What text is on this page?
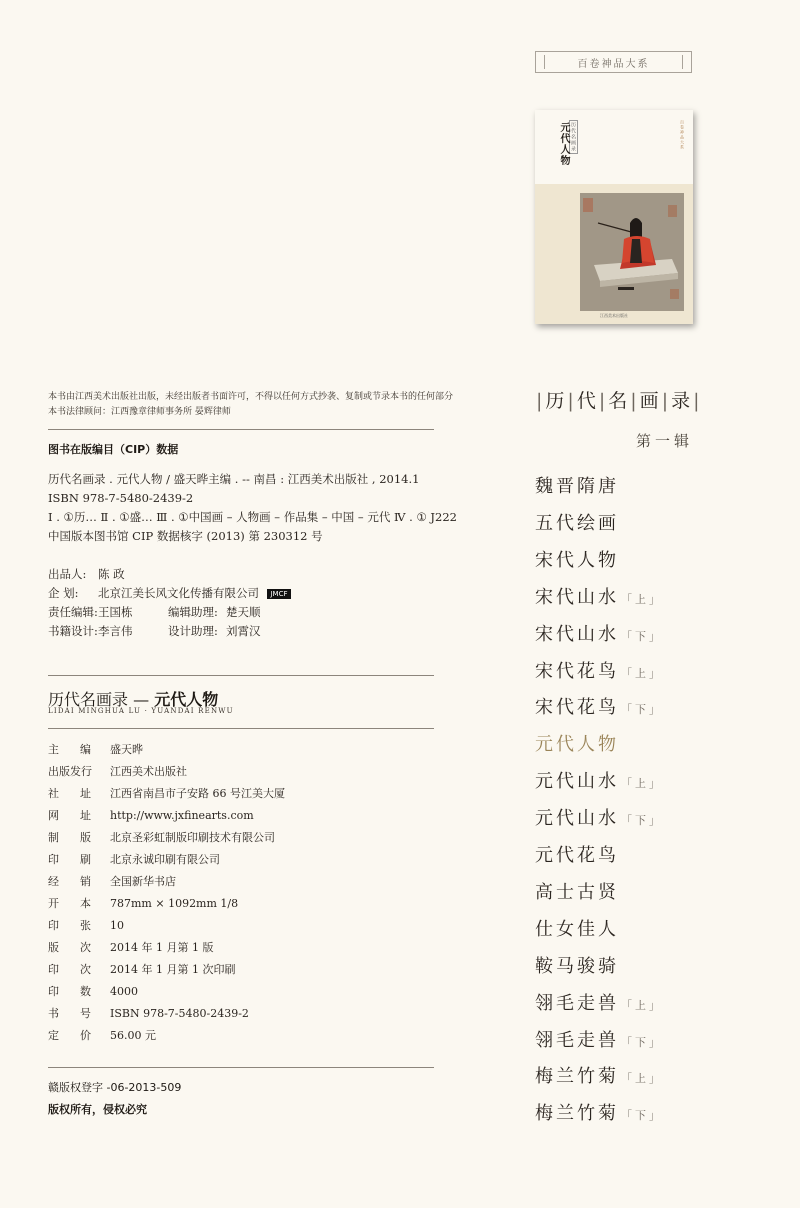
百卷神品大系
历代名画录
元代人物	百卷神品大系
江西美术出版社
本书由江西美术出版社出版，未经出版者书面许可，不得以任何方式抄袭、复制或节录本书的任何部分
本书法律顾问：江西豫章律师事务所 晏辉律师
图书在版编目（CIP）数据
历代名画录 . 元代人物 / 盛天晔主编 . -- 南昌 : 江西美术出版社 , 2014.1
ISBN 978-7-5480-2439-2
Ⅰ . ①历… Ⅱ . ①盛… Ⅲ . ①中国画 – 人物画 – 作品集 – 中国 – 元代 Ⅳ . ① J222
中国版本图书馆 CIP 数据核字 (2013) 第 230312 号
出品人: 陈 政
企 划: 北京江美长风文化传播有限公司 JMCF
责任编辑:王国栋	编辑助理: 楚天顺
书籍设计:李言伟	设计助理: 刘霄汉
历代名画录 — 元代人物
LIDAI MINGHUA LU · YUANDAI RENWU
主 编 盛天晔
出版发行 江西美术出版社
社 址 江西省南昌市子安路 66 号江美大厦
网 址 http://www.jxfinearts.com
制 版 北京圣彩虹制版印刷技术有限公司
印 刷 北京永诚印刷有限公司
经 销 全国新华书店
开 本 787mm × 1092mm 1/8
印 张 10
版 次 2014 年 1 月第 1 版
印 次 2014 年 1 月第 1 次印刷
印 数 4000
书 号 ISBN 978-7-5480-2439-2
定 价 56.00 元
赣版权登字 -06-2013-509
版权所有，侵权必究
|历|代|名|画|录|
第一辑
魏晋隋唐
五代绘画
宋代人物
宋代山水 「上」
宋代山水 「下」
宋代花鸟 「上」
宋代花鸟 「下」
元代人物
元代山水 「上」
元代山水 「下」
元代花鸟
高士古贤
仕女佳人
鞍马骏骑
翎毛走兽 「上」
翎毛走兽 「下」
梅兰竹菊 「上」
梅兰竹菊 「下」
